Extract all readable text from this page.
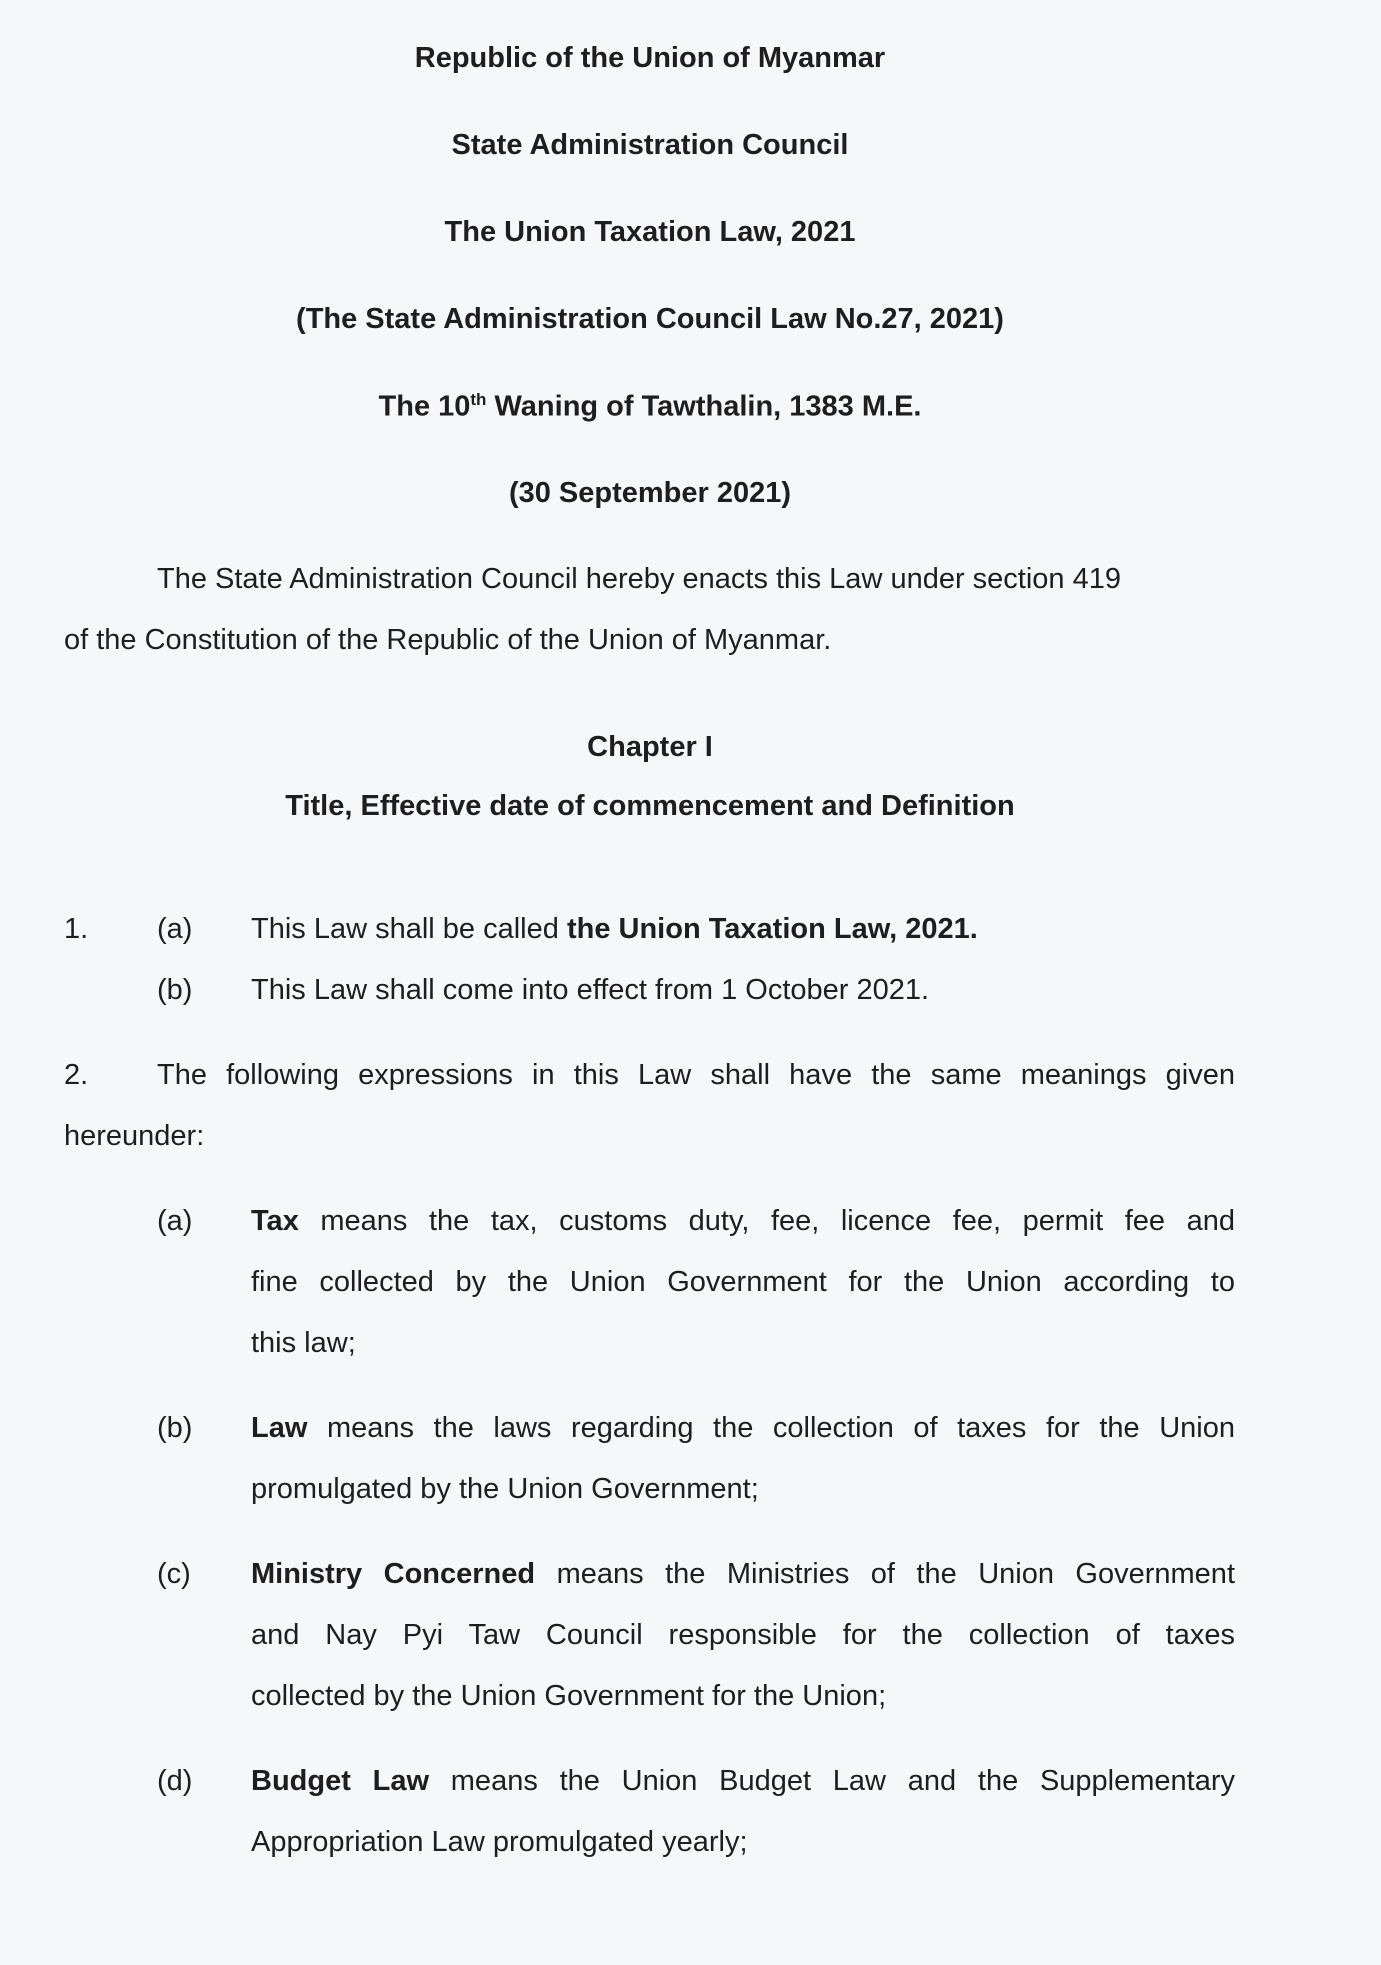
Republic of the Union of Myanmar
State Administration Council
The Union Taxation Law, 2021
(The State Administration Council Law No.27, 2021)
The 10th Waning of Tawthalin, 1383 M.E.
(30 September 2021)
The State Administration Council hereby enacts this Law under section 419
of the Constitution of the Republic of the Union of Myanmar.
Chapter I
Title, Effective date of commencement and Definition
1. (a) This Law shall be called the Union Taxation Law, 2021.
(b) This Law shall come into effect from 1 October 2021.
2. The following expressions in this Law shall have the same meanings given
hereunder:
(a) Tax means the tax, customs duty, fee, licence fee, permit fee and
fine collected by the Union Government for the Union according to
this law;
(b) Law means the laws regarding the collection of taxes for the Union
promulgated by the Union Government;
(c) Ministry Concerned means the Ministries of the Union Government
and Nay Pyi Taw Council responsible for the collection of taxes
collected by the Union Government for the Union;
(d) Budget Law means the Union Budget Law and the Supplementary
Appropriation Law promulgated yearly;
